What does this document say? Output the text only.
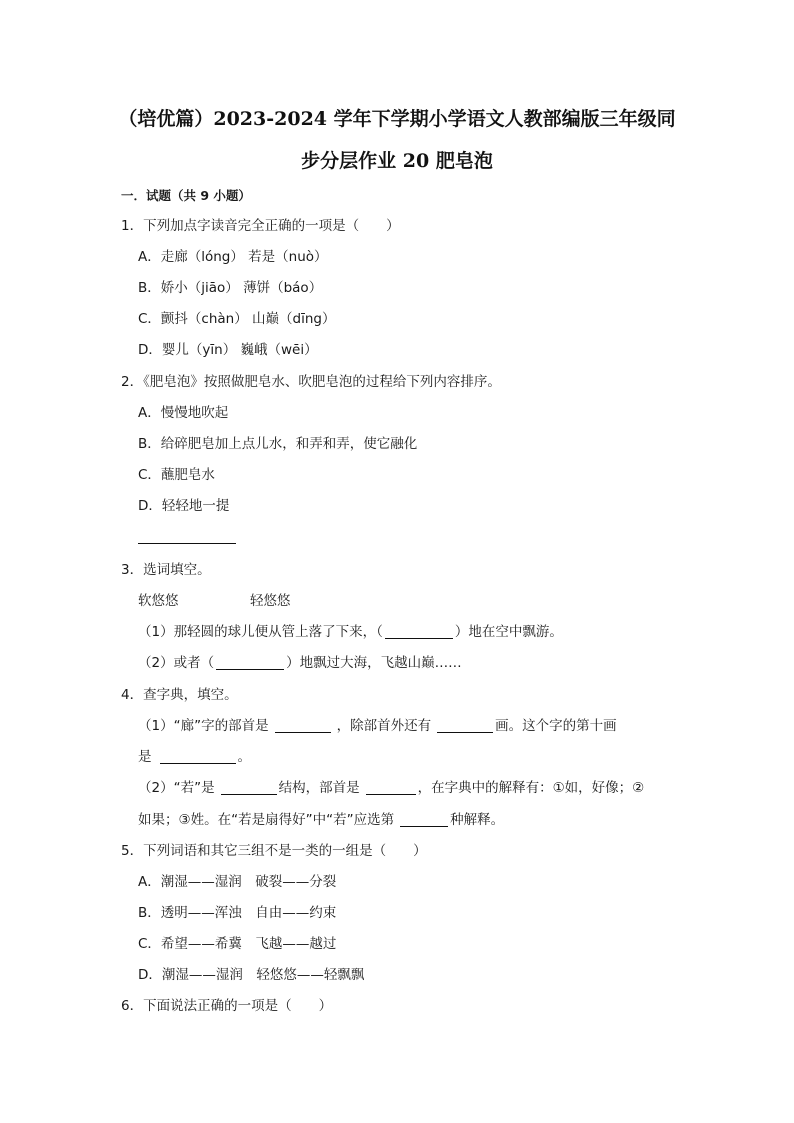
（培优篇）2023-2024 学年下学期小学语文人教部编版三年级同
步分层作业 20 肥皂泡
一．试题（共 9 小题）
1．下列加点字读音完全正确的一项是（　　）
A．走廊（lóng） 若是（nuò）
B．娇小（jiāo） 薄饼（báo）
C．颤抖（chàn） 山巅（dīng）
D．婴儿（yīn） 巍峨（wēi）
2．《肥皂泡》按照做肥皂水、吹肥皂泡的过程给下列内容排序。
A．慢慢地吹起
B．给碎肥皂加上点儿水，和弄和弄，使它融化
C．蘸肥皂水
D．轻轻地一提
3．选词填空。
软悠悠	轻悠悠
（1）那轻圆的球儿便从管上落了下来，（	）地在空中飘游。
（2）或者（	）地飘过大海，飞越山巅……
4．查字典，填空。
（1）“廊”字的部首是	，除部首外还有	画。这个字的第十画
是	。
（2）“若”是	结构，部首是	，在字典中的解释有：①如，好像；②
如果；③姓。在“若是扇得好”中“若”应选第	种解释。
5．下列词语和其它三组不是一类的一组是（　　）
A．潮湿——湿润　破裂——分裂
B．透明——浑浊　自由——约束
C．希望——希冀　飞越——越过
D．潮湿——湿润　轻悠悠——轻飘飘
6．下面说法正确的一项是（　　）
